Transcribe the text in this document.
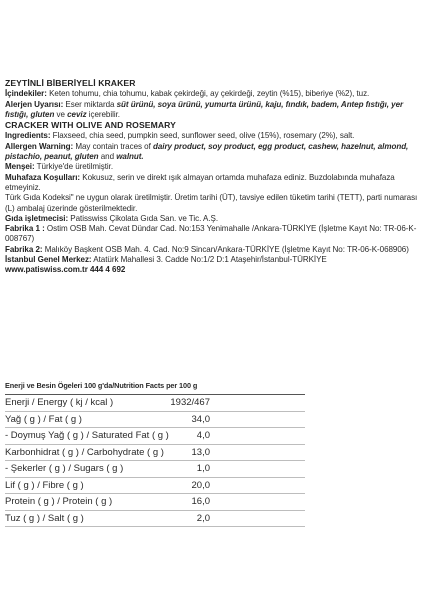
ZEYTİNLİ BİBERİYELİ KRAKER

İçindekiler: Keten tohumu, chia tohumu, kabak çekirdeği, ay çekirdeği, zeytin (%15), biberiye (%2), tuz.

Alerjen Uyarısı: Eser miktarda süt ürünü, soya ürünü, yumurta ürünü, kaju, fındık, badem, Antep fıstığı, yer fıstığı, gluten ve ceviz içerebilir.

CRACKER WITH OLIVE AND ROSEMARY

Ingredients: Flaxseed, chia seed, pumpkin seed, sunflower seed, olive (15%), rosemary (2%), salt.

Allergen Warning: May contain traces of dairy product, soy product, egg product, cashew, hazelnut, almond, pistachio, peanut, gluten and walnut.

Menşei: Türkiye'de üretilmiştir.

Muhafaza Koşulları: Kokusuz, serin ve direkt ışık almayan ortamda muhafaza ediniz. Buzdolabında muhafaza etmeyiniz.

Türk Gıda Kodeksi" ne uygun olarak üretilmiştir. Üretim tarihi (ÜT), tavsiye edilen tüketim tarihi (TETT), parti numarası (L) ambalaj üzerinde gösterilmektedir.

Gıda işletmecisi: Patisswiss Çikolata Gıda San. ve Tic. A.Ş.

Fabrika 1 : Ostim OSB Mah. Cevat Dündar Cad. No:153 Yenimahalle /Ankara-TÜRKİYE (İşletme Kayıt No: TR-06-K-008767)

Fabrika 2: Malıköy Başkent OSB Mah. 4. Cad. No:9 Sincan/Ankara-TÜRKİYE (İşletme Kayıt No: TR-06-K-068906)

İstanbul Genel Merkez: Atatürk Mahallesi 3. Cadde No:1/2 D:1 Ataşehir/İstanbul-TÜRKİYE

www.patiswiss.com.tr 444 4 692

Enerji ve Besin Ögeleri 100 g'da/Nutrition Facts per 100 g
Enerji / Energy ( kj / kcal )	1932/467
Yağ ( g ) / Fat ( g )	34,0
- Doymuş Yağ ( g ) / Saturated Fat ( g )	4,0
Karbonhidrat ( g ) / Carbohydrate ( g )	13,0
- Şekerler ( g ) / Sugars ( g )	1,0
Lif ( g ) / Fibre ( g )	20,0
Protein ( g ) / Protein ( g )	16,0
Tuz ( g ) / Salt ( g )	2,0
